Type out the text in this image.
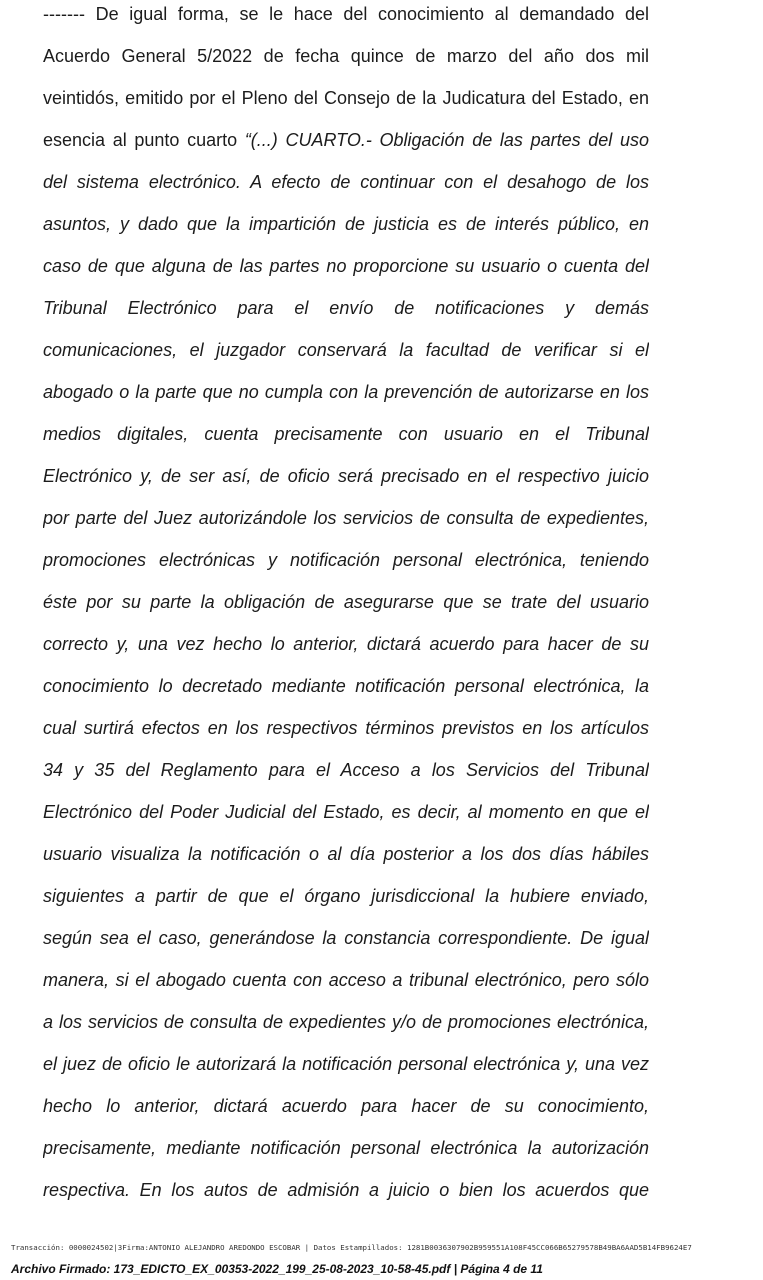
------- De igual forma, se le hace del conocimiento al demandado del
Acuerdo General 5/2022 de fecha quince de marzo del año dos mil
veintidós, emitido por el Pleno del Consejo de la Judicatura del Estado, en
esencia al punto cuarto “(...) CUARTO.- Obligación de las partes del uso
del sistema electrónico. A efecto de continuar con el desahogo de los
asuntos, y dado que la impartición de justicia es de interés público, en
caso de que alguna de las partes no proporcione su usuario o cuenta del
Tribunal Electrónico para el envío de notificaciones y demás
comunicaciones, el juzgador conservará la facultad de verificar si el
abogado o la parte que no cumpla con la prevención de autorizarse en los
medios digitales, cuenta precisamente con usuario en el Tribunal
Electrónico y, de ser así, de oficio será precisado en el respectivo juicio
por parte del Juez autorizándole los servicios de consulta de expedientes,
promociones electrónicas y notificación personal electrónica, teniendo
éste por su parte la obligación de asegurarse que se trate del usuario
correcto y, una vez hecho lo anterior, dictará acuerdo para hacer de su
conocimiento lo decretado mediante notificación personal electrónica, la
cual surtirá efectos en los respectivos términos previstos en los artículos
34 y 35 del Reglamento para el Acceso a los Servicios del Tribunal
Electrónico del Poder Judicial del Estado, es decir, al momento en que el
usuario visualiza la notificación o al día posterior a los dos días hábiles
siguientes a partir de que el órgano jurisdiccional la hubiere enviado,
según sea el caso, generándose la constancia correspondiente. De igual
manera, si el abogado cuenta con acceso a tribunal electrónico, pero sólo
a los servicios de consulta de expedientes y/o de promociones electrónica,
el juez de oficio le autorizará la notificación personal electrónica y, una vez
hecho lo anterior, dictará acuerdo para hacer de su conocimiento,
precisamente, mediante notificación personal electrónica la autorización
respectiva. En los autos de admisión a juicio o bien los acuerdos que
Transacción: 0000024502|3Firma:ANTONIO ALEJANDRO AREDONDO ESCOBAR | Datos Estampillados: 1281B0036307902B959551A108F45CC066B65279578B49BA6AAD5B14FB9624E7
Archivo Firmado: 173_EDICTO_EX_00353-2022_199_25-08-2023_10-58-45.pdf | Página 4 de 11
